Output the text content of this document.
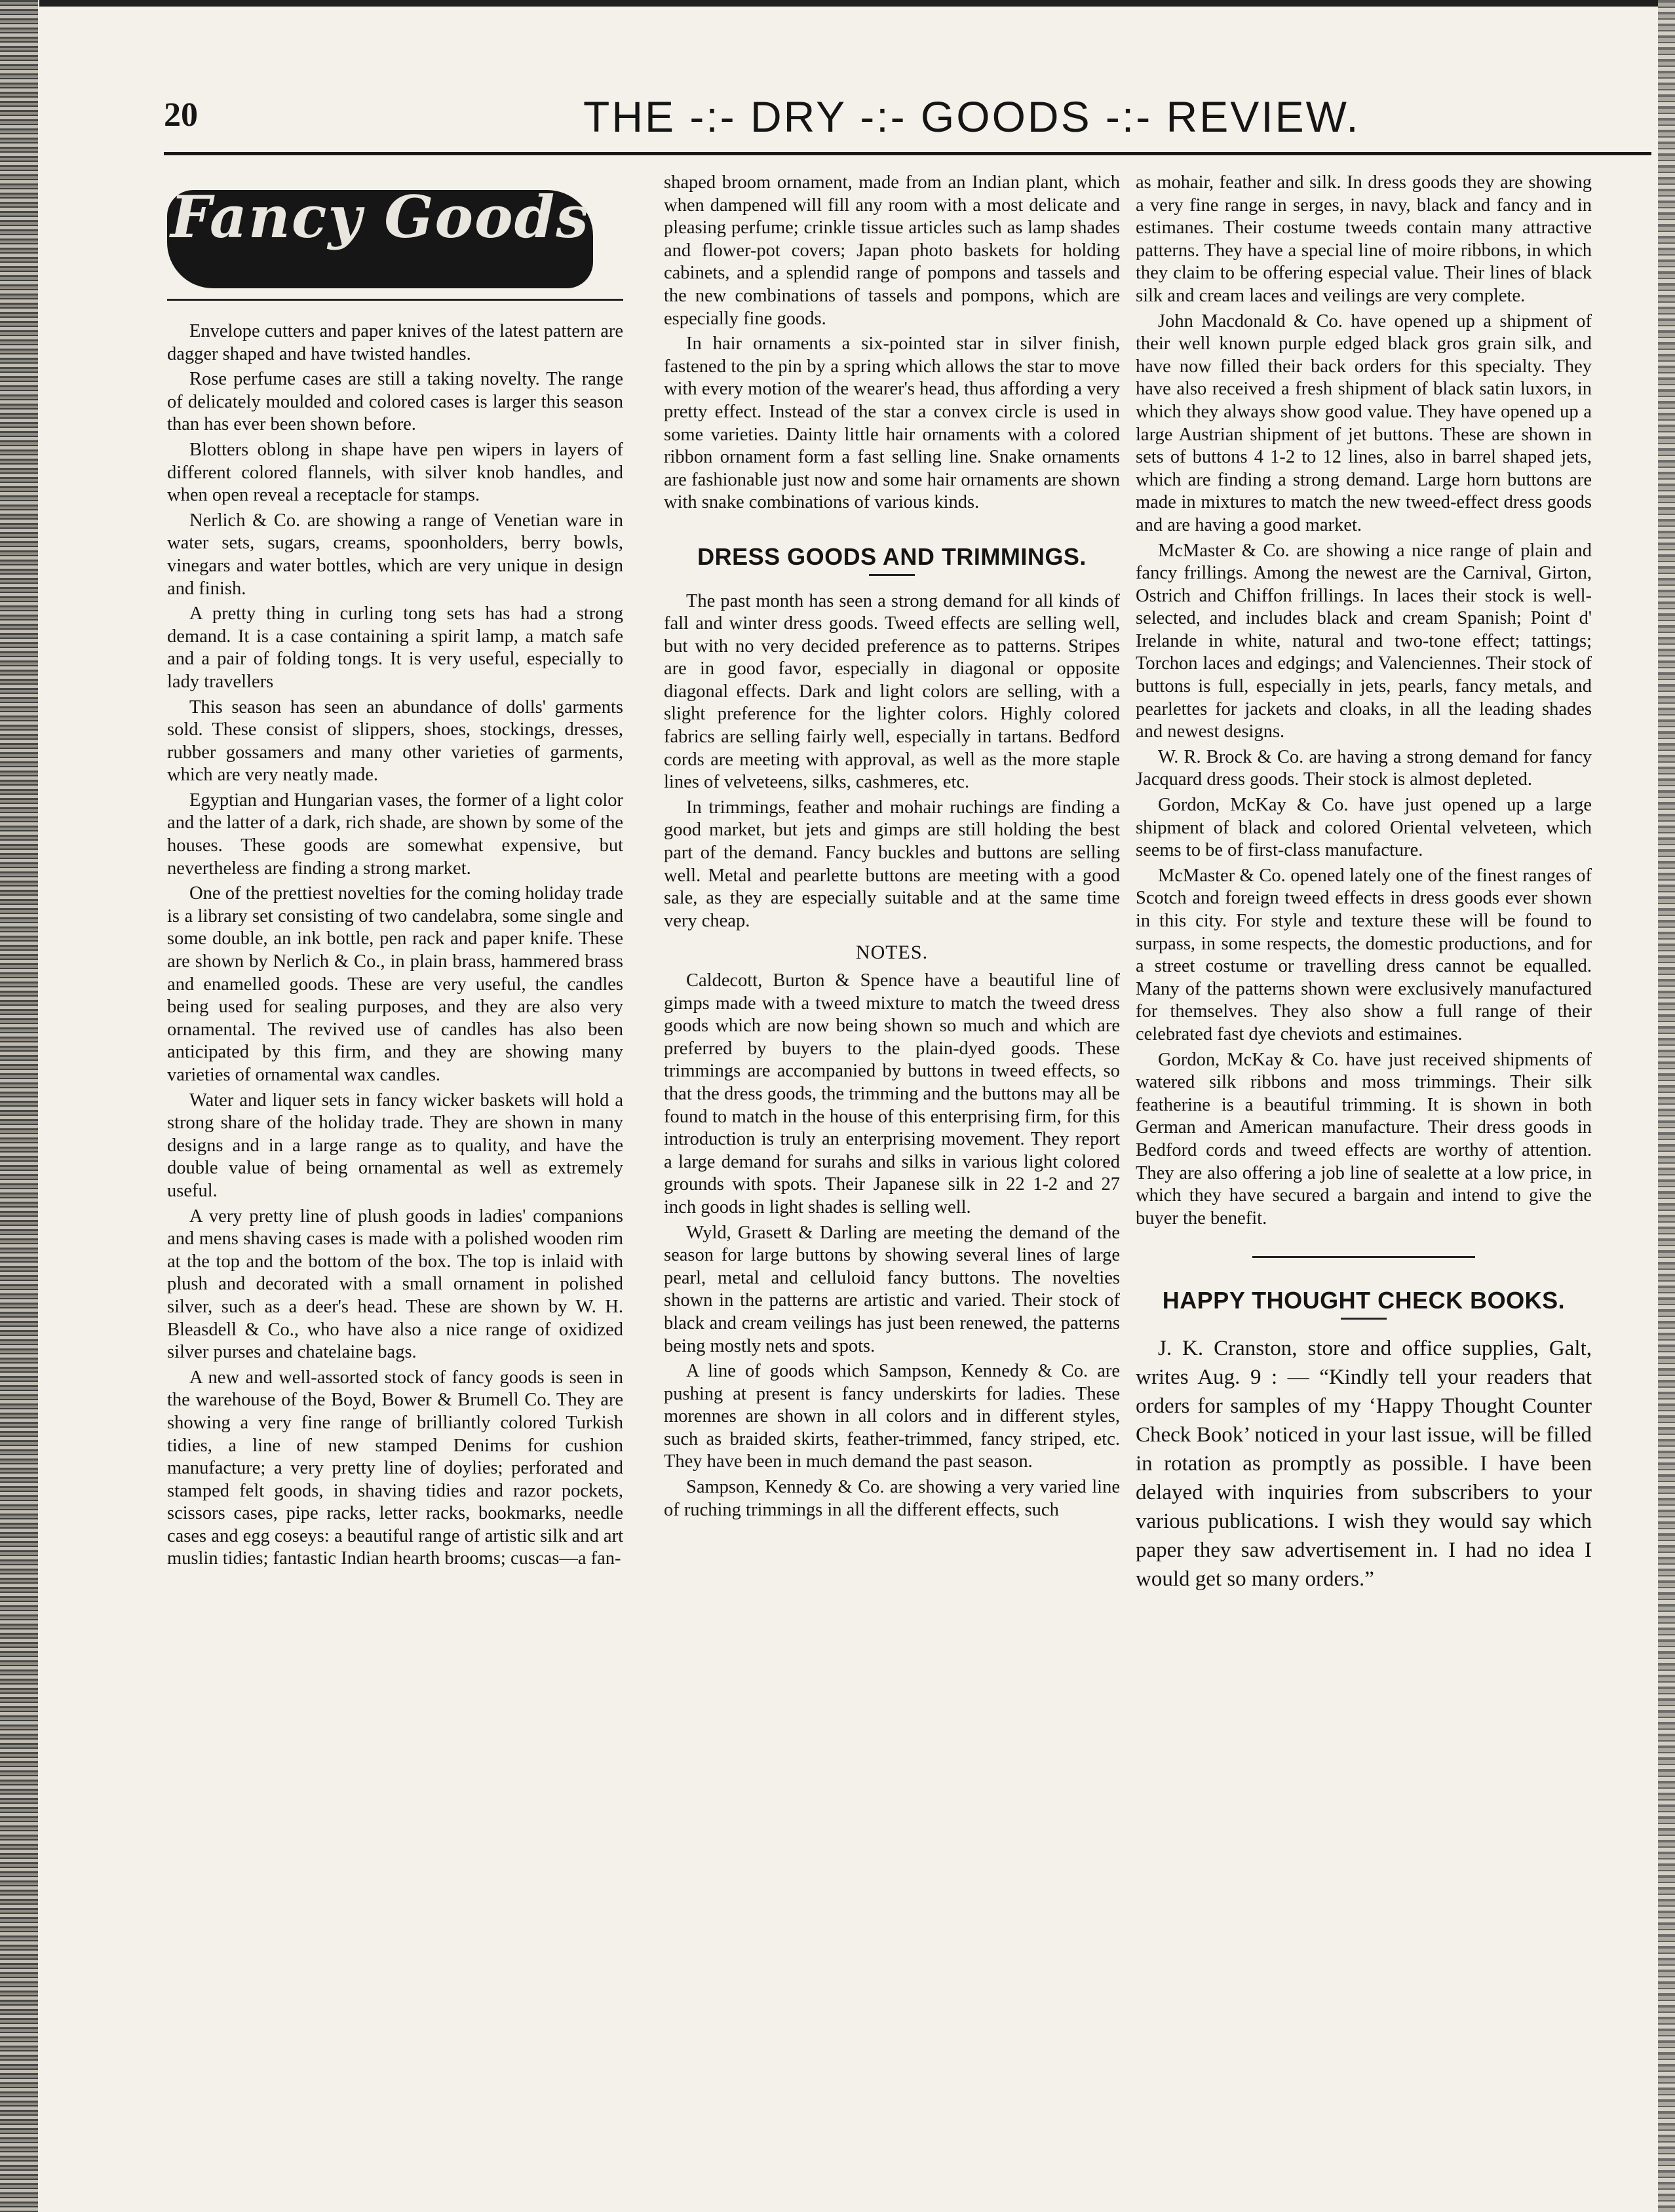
20	THE -:- DRY -:- GOODS -:- REVIEW.
Fancy Goods

Envelope cutters and paper knives of the latest pattern are dagger shaped and have twisted handles.

Rose perfume cases are still a taking novelty. The range of delicately moulded and colored cases is larger this season than has ever been shown before.

Blotters oblong in shape have pen wipers in layers of different colored flannels, with silver knob handles, and when open reveal a receptacle for stamps.

Nerlich & Co. are showing a range of Venetian ware in water sets, sugars, creams, spoonholders, berry bowls, vinegars and water bottles, which are very unique in design and finish.

A pretty thing in curling tong sets has had a strong demand. It is a case containing a spirit lamp, a match safe and a pair of folding tongs. It is very useful, especially to lady travellers

This season has seen an abundance of dolls' garments sold. These consist of slippers, shoes, stockings, dresses, rubber gossamers and many other varieties of garments, which are very neatly made.

Egyptian and Hungarian vases, the former of a light color and the latter of a dark, rich shade, are shown by some of the houses. These goods are somewhat expensive, but nevertheless are finding a strong market.

One of the prettiest novelties for the coming holiday trade is a library set consisting of two candelabra, some single and some double, an ink bottle, pen rack and paper knife. These are shown by Nerlich & Co., in plain brass, hammered brass and enamelled goods. These are very useful, the candles being used for sealing purposes, and they are also very ornamental. The revived use of candles has also been anticipated by this firm, and they are showing many varieties of ornamental wax candles.

Water and liquer sets in fancy wicker baskets will hold a strong share of the holiday trade. They are shown in many designs and in a large range as to quality, and have the double value of being ornamental as well as extremely useful.

A very pretty line of plush goods in ladies' companions and mens shaving cases is made with a polished wooden rim at the top and the bottom of the box. The top is inlaid with plush and decorated with a small ornament in polished silver, such as a deer's head. These are shown by W. H. Bleasdell & Co., who have also a nice range of oxidized silver purses and chatelaine bags.

A new and well-assorted stock of fancy goods is seen in the warehouse of the Boyd, Bower & Brumell Co. They are showing a very fine range of brilliantly colored Turkish tidies, a line of new stamped Denims for cushion manufacture; a very pretty line of doylies; perforated and stamped felt goods, in shaving tidies and razor pockets, scissors cases, pipe racks, letter racks, bookmarks, needle cases and egg coseys: a beautiful range of artistic silk and art muslin tidies; fantastic Indian hearth brooms; cuscas—a fan-

shaped broom ornament, made from an Indian plant, which when dampened will fill any room with a most delicate and pleasing perfume; crinkle tissue articles such as lamp shades and flower-pot covers; Japan photo baskets for holding cabinets, and a splendid range of pompons and tassels and the new combinations of tassels and pompons, which are especially fine goods.

In hair ornaments a six-pointed star in silver finish, fastened to the pin by a spring which allows the star to move with every motion of the wearer's head, thus affording a very pretty effect. Instead of the star a convex circle is used in some varieties. Dainty little hair ornaments with a colored ribbon ornament form a fast selling line. Snake ornaments are fashionable just now and some hair ornaments are shown with snake combinations of various kinds.

DRESS GOODS AND TRIMMINGS.

The past month has seen a strong demand for all kinds of fall and winter dress goods. Tweed effects are selling well, but with no very decided preference as to patterns. Stripes are in good favor, especially in diagonal or opposite diagonal effects. Dark and light colors are selling, with a slight preference for the lighter colors. Highly colored fabrics are selling fairly well, especially in tartans. Bedford cords are meeting with approval, as well as the more staple lines of velveteens, silks, cashmeres, etc.

In trimmings, feather and mohair ruchings are finding a good market, but jets and gimps are still holding the best part of the demand. Fancy buckles and buttons are selling well. Metal and pearlette buttons are meeting with a good sale, as they are especially suitable and at the same time very cheap.

NOTES.

Caldecott, Burton & Spence have a beautiful line of gimps made with a tweed mixture to match the tweed dress goods which are now being shown so much and which are preferred by buyers to the plain-dyed goods. These trimmings are accompanied by buttons in tweed effects, so that the dress goods, the trimming and the buttons may all be found to match in the house of this enterprising firm, for this introduction is truly an enterprising movement. They report a large demand for surahs and silks in various light colored grounds with spots. Their Japanese silk in 22 1-2 and 27 inch goods in light shades is selling well.

Wyld, Grasett & Darling are meeting the demand of the season for large buttons by showing several lines of large pearl, metal and celluloid fancy buttons. The novelties shown in the patterns are artistic and varied. Their stock of black and cream veilings has just been renewed, the patterns being mostly nets and spots.

A line of goods which Sampson, Kennedy & Co. are pushing at present is fancy underskirts for ladies. These morennes are shown in all colors and in different styles, such as braided skirts, feather-trimmed, fancy striped, etc. They have been in much demand the past season.

Sampson, Kennedy & Co. are showing a very varied line of ruching trimmings in all the different effects, such

as mohair, feather and silk. In dress goods they are showing a very fine range in serges, in navy, black and fancy and in estimanes. Their costume tweeds contain many attractive patterns. They have a special line of moire ribbons, in which they claim to be offering especial value. Their lines of black silk and cream laces and veilings are very complete.

John Macdonald & Co. have opened up a shipment of their well known purple edged black gros grain silk, and have now filled their back orders for this specialty. They have also received a fresh shipment of black satin luxors, in which they always show good value. They have opened up a large Austrian shipment of jet buttons. These are shown in sets of buttons 4 1-2 to 12 lines, also in barrel shaped jets, which are finding a strong demand. Large horn buttons are made in mixtures to match the new tweed-effect dress goods and are having a good market.

McMaster & Co. are showing a nice range of plain and fancy frillings. Among the newest are the Carnival, Girton, Ostrich and Chiffon frillings. In laces their stock is well-selected, and includes black and cream Spanish; Point d' Irelande in white, natural and two-tone effect; tattings; Torchon laces and edgings; and Valenciennes. Their stock of buttons is full, especially in jets, pearls, fancy metals, and pearlettes for jackets and cloaks, in all the leading shades and newest designs.

W. R. Brock & Co. are having a strong demand for fancy Jacquard dress goods. Their stock is almost depleted.

Gordon, McKay & Co. have just opened up a large shipment of black and colored Oriental velveteen, which seems to be of first-class manufacture.

McMaster & Co. opened lately one of the finest ranges of Scotch and foreign tweed effects in dress goods ever shown in this city. For style and texture these will be found to surpass, in some respects, the domestic productions, and for a street costume or travelling dress cannot be equalled. Many of the patterns shown were exclusively manufactured for themselves. They also show a full range of their celebrated fast dye cheviots and estimaines.

Gordon, McKay & Co. have just received shipments of watered silk ribbons and moss trimmings. Their silk featherine is a beautiful trimming. It is shown in both German and American manufacture. Their dress goods in Bedford cords and tweed effects are worthy of attention. They are also offering a job line of sealette at a low price, in which they have secured a bargain and intend to give the buyer the benefit.

HAPPY THOUGHT CHECK BOOKS.

J. K. Cranston, store and office supplies, Galt, writes Aug. 9 : — “Kindly tell your readers that orders for samples of my ‘Happy Thought Counter Check Book’ noticed in your last issue, will be filled in rotation as promptly as possible. I have been delayed with inquiries from subscribers to your various publications. I wish they would say which paper they saw advertisement in. I had no idea I would get so many orders.”
